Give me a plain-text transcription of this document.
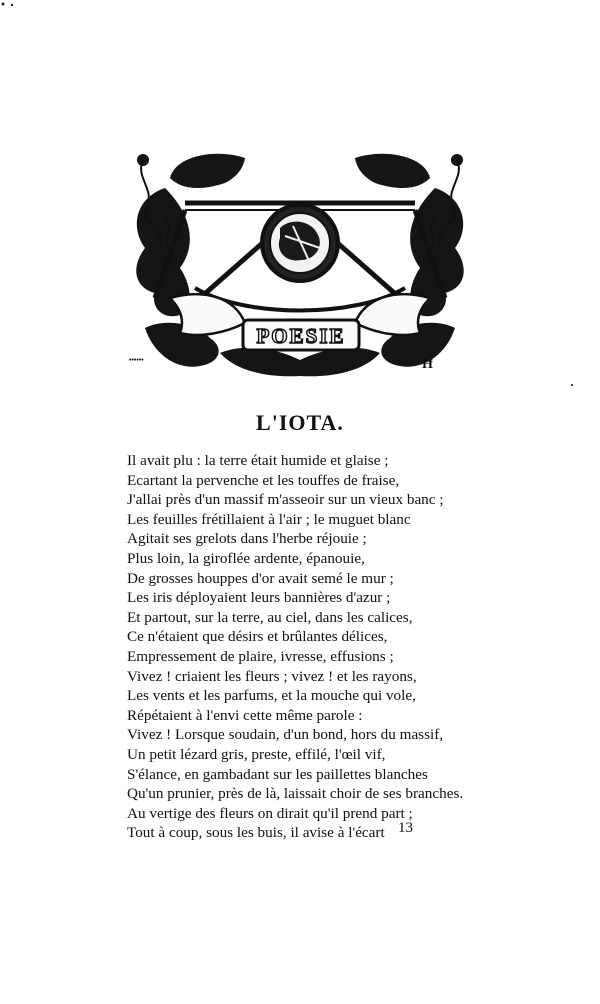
POESIE
Ħ
••••••
L'IOTA.
Il avait plu : la terre était humide et glaise ;
Ecartant la pervenche et les touffes de fraise,
J'allai près d'un massif m'asseoir sur un vieux banc ;
Les feuilles frétillaient à l'air ; le muguet blanc
Agitait ses grelots dans l'herbe réjouie ;
Plus loin, la giroflée ardente, épanouie,
De grosses houppes d'or avait semé le mur ;
Les iris déployaient leurs bannières d'azur ;
Et partout, sur la terre, au ciel, dans les calices,
Ce n'étaient que désirs et brûlantes délices,
Empressement de plaire, ivresse, effusions ;
Vivez ! criaient les fleurs ; vivez ! et les rayons,
Les vents et les parfums, et la mouche qui vole,
Répétaient à l'envi cette même parole :
Vivez ! Lorsque soudain, d'un bond, hors du massif,
Un petit lézard gris, preste, effilé, l'œil vif,
S'élance, en gambadant sur les paillettes blanches
Qu'un prunier, près de là, laissait choir de ses branches.
Au vertige des fleurs on dirait qu'il prend part ;
Tout à coup, sous les buis, il avise à l'écart 13
